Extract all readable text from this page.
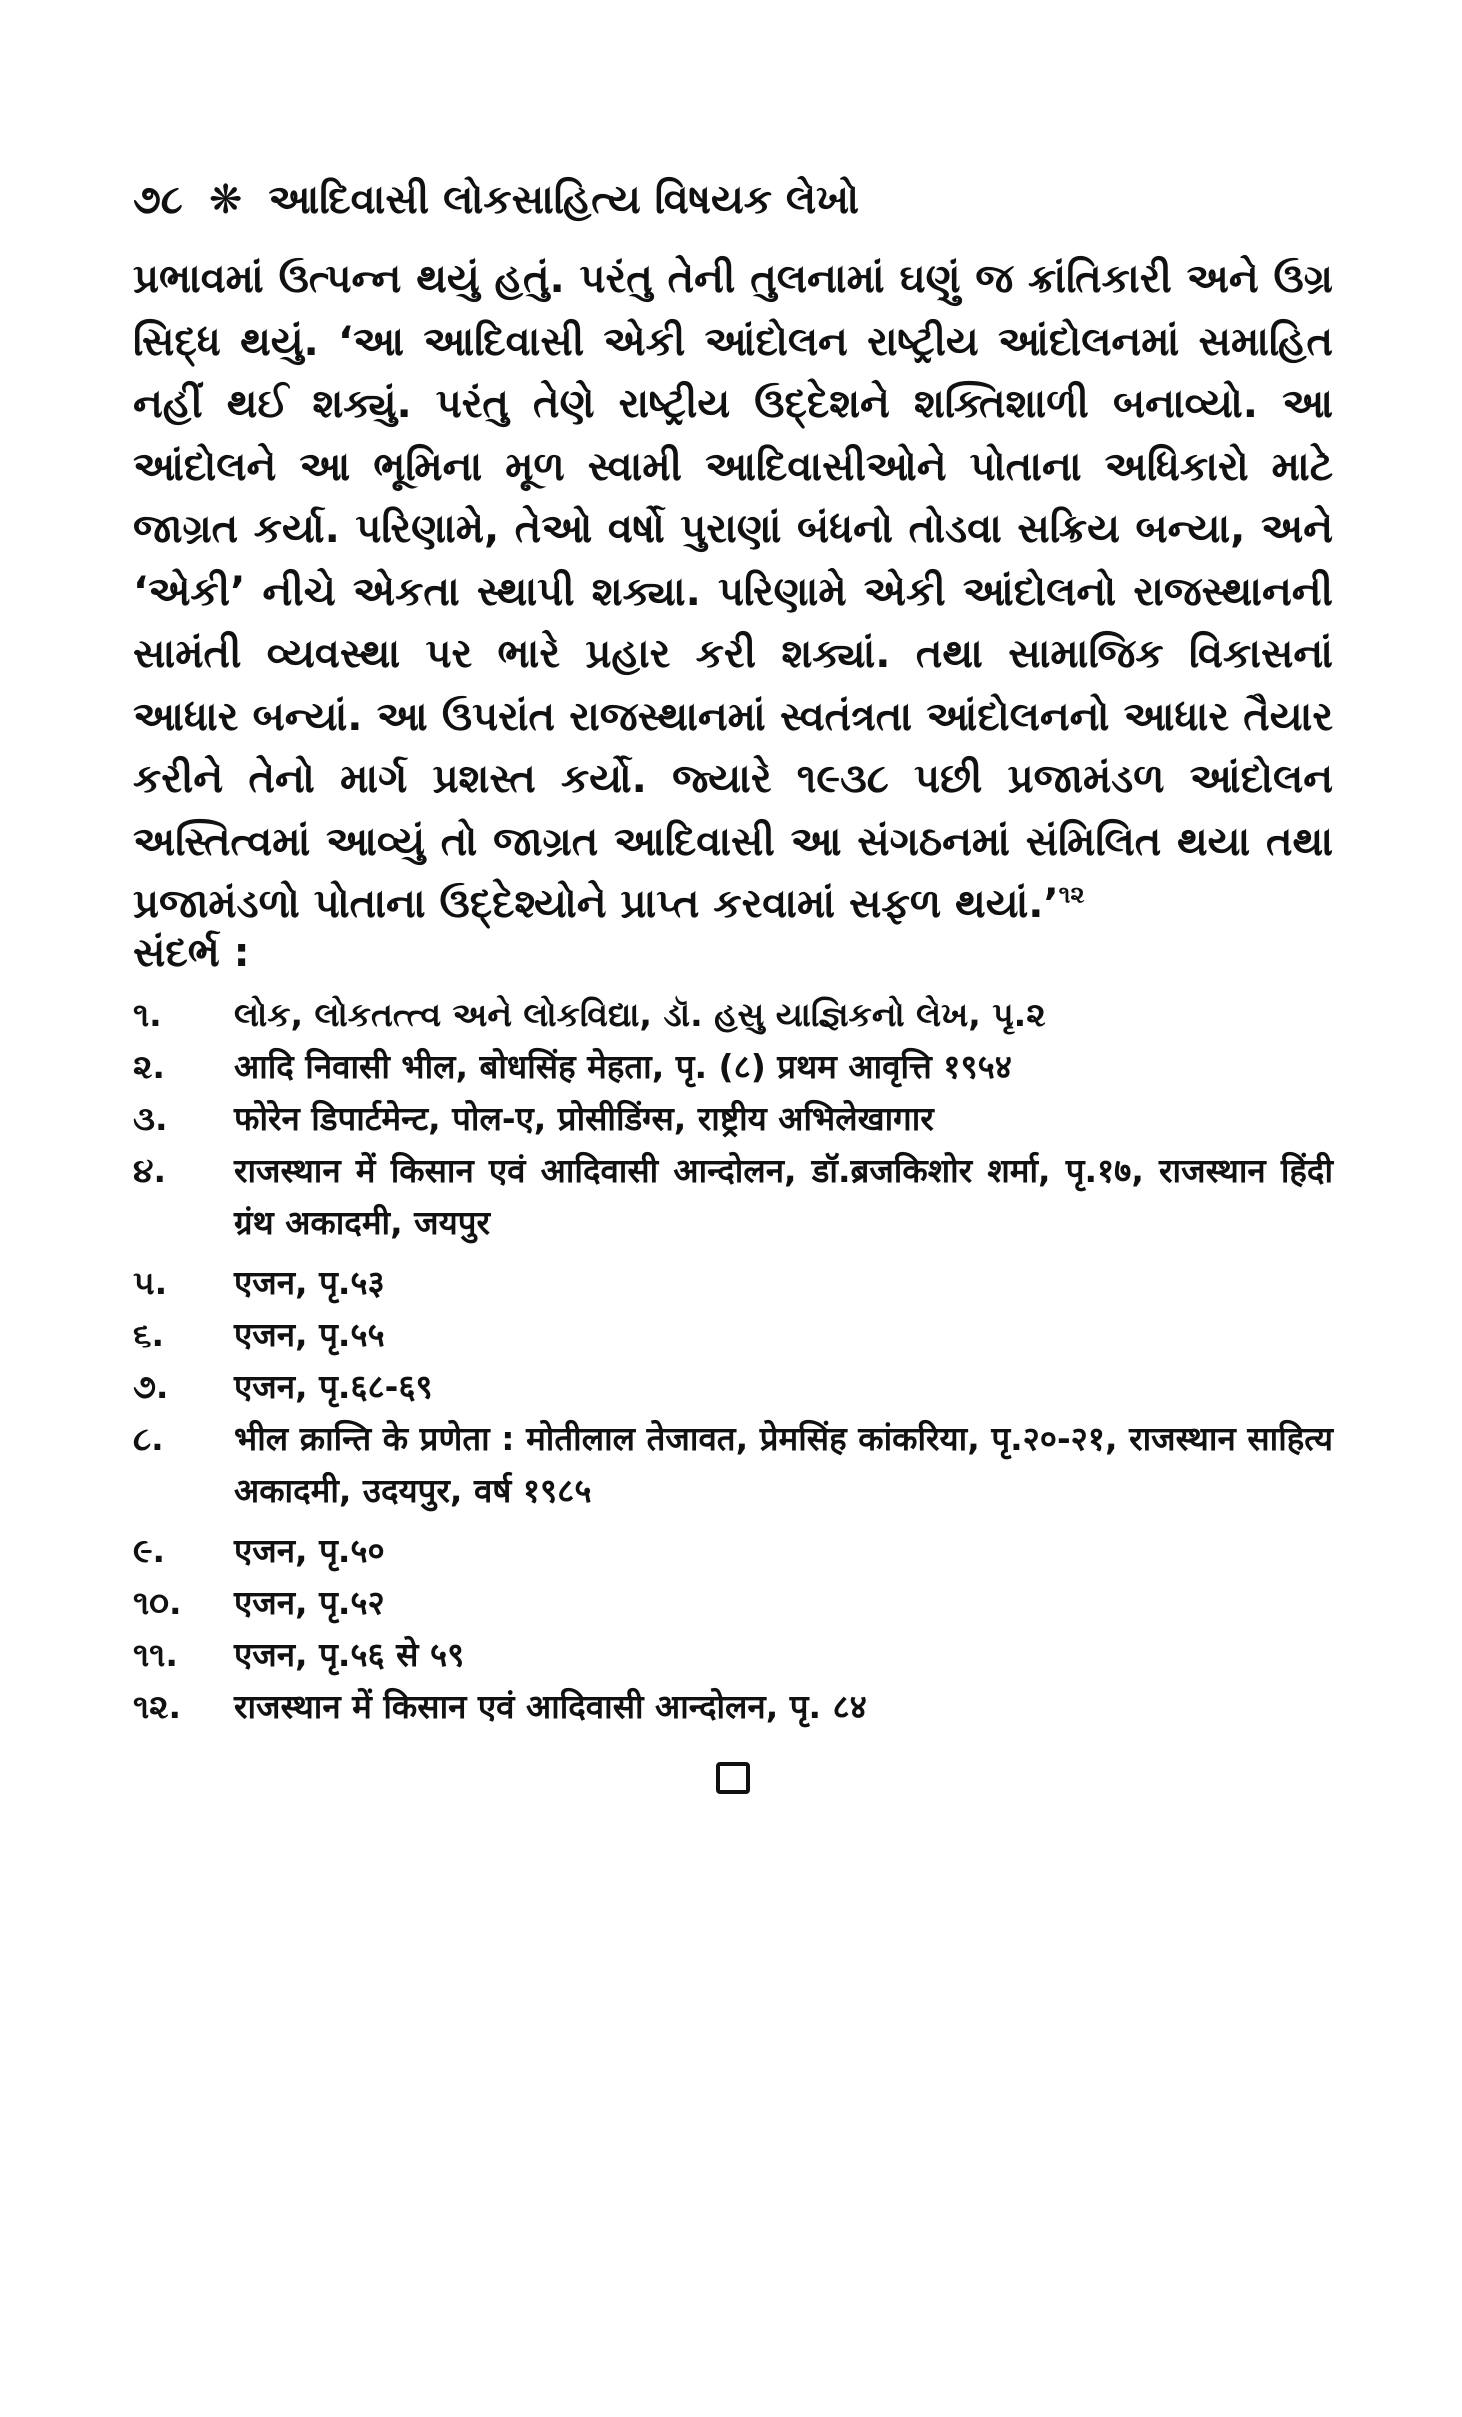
૭૮ ❋ આદિવાસી લોકસાહિત્ય વિષયક લેખો

પ્રભાવમાં ઉત્પન્ન થયું હતું. પરંતુ તેની તુલનામાં ઘણું જ ક્રાંતિકારી અને ઉગ્ર સિદ્ધ થયું. ‘આ આદિવાસી એકી આંદોલન રાષ્ટ્રીય આંદોલનમાં સમાહિત નહીં થઈ શક્યું. પરંતુ તેણે રાષ્ટ્રીય ઉદ્દેશને શક્તિશાળી બનાવ્યો. આ આંદોલને આ ભૂમિના મૂળ સ્વામી આદિવાસીઓને પોતાના અધિકારો માટે જાગ્રત કર્યા. પરિણામે, તેઓ વર્ષો પુરાણાં બંધનો તોડવા સક્રિય બન્યા, અને ‘એકી’ નીચે એકતા સ્થાપી શક્યા. પરિણામે એકી આંદોલનો રાજસ્થાનની સામંતી વ્યવસ્થા પર ભારે પ્રહાર કરી શક્યાં. તથા સામાજિક વિકાસનાં આધાર બન્યાં. આ ઉપરાંત રાજસ્થાનમાં સ્વતંત્રતા આંદોલનનો આધાર તૈયાર કરીને તેનો માર્ગ પ્રશસ્ત કર્યો. જ્યારે ૧૯૩૮ પછી પ્રજામંડળ આંદોલન અસ્તિત્વમાં આવ્યું તો જાગ્રત આદિવાસી આ સંગઠનમાં સંમિલિત થયા તથા પ્રજામંડળો પોતાના ઉદ્દેશ્યોને પ્રાપ્ત કરવામાં સફળ થયાં.’$^{૧૨}$

સંદર્ભ :
૧.	લોક, લોકતત્ત્વ અને લોકવિદ્યા, ડૉ. હસુ યાજ્ઞિકનો લેખ, પૃ.૨
૨.	आदि निवासी भील, बोधसिंह मेहता, पृ. (८) प्रथम आवृत्ति १९५४
૩.	फोरेन डिपार्टमेन्ट, पोल-ए, प्रोसीडिंग्स, राष्ट्रीय अभिलेखागार
૪.	राजस्थान में किसान एवं आदिवासी आन्दोलन, डॉ.ब्रजकिशोर शर्मा, पृ.१७, राजस्थान हिंदी ग्रंथ अकादमी, जयपुर
૫.	एजन, पृ.५३
૬.	एजन, पृ.५५
૭.	एजन, पृ.६८-६९
૮.	भील क्रान्ति के प्रणेता : मोतीलाल तेजावत, प्रेमसिंह कांकरिया, पृ.२०-२१, राजस्थान साहित्य अकादमी, उदयपुर, वर्ष १९८५
૯.	एजन, पृ.५०
૧૦.	एजन, पृ.५२
૧૧.	एजन, पृ.५६ से ५९
૧૨.	राजस्थान में किसान एवं आदिवासी आन्दोलन, पृ. ८४
